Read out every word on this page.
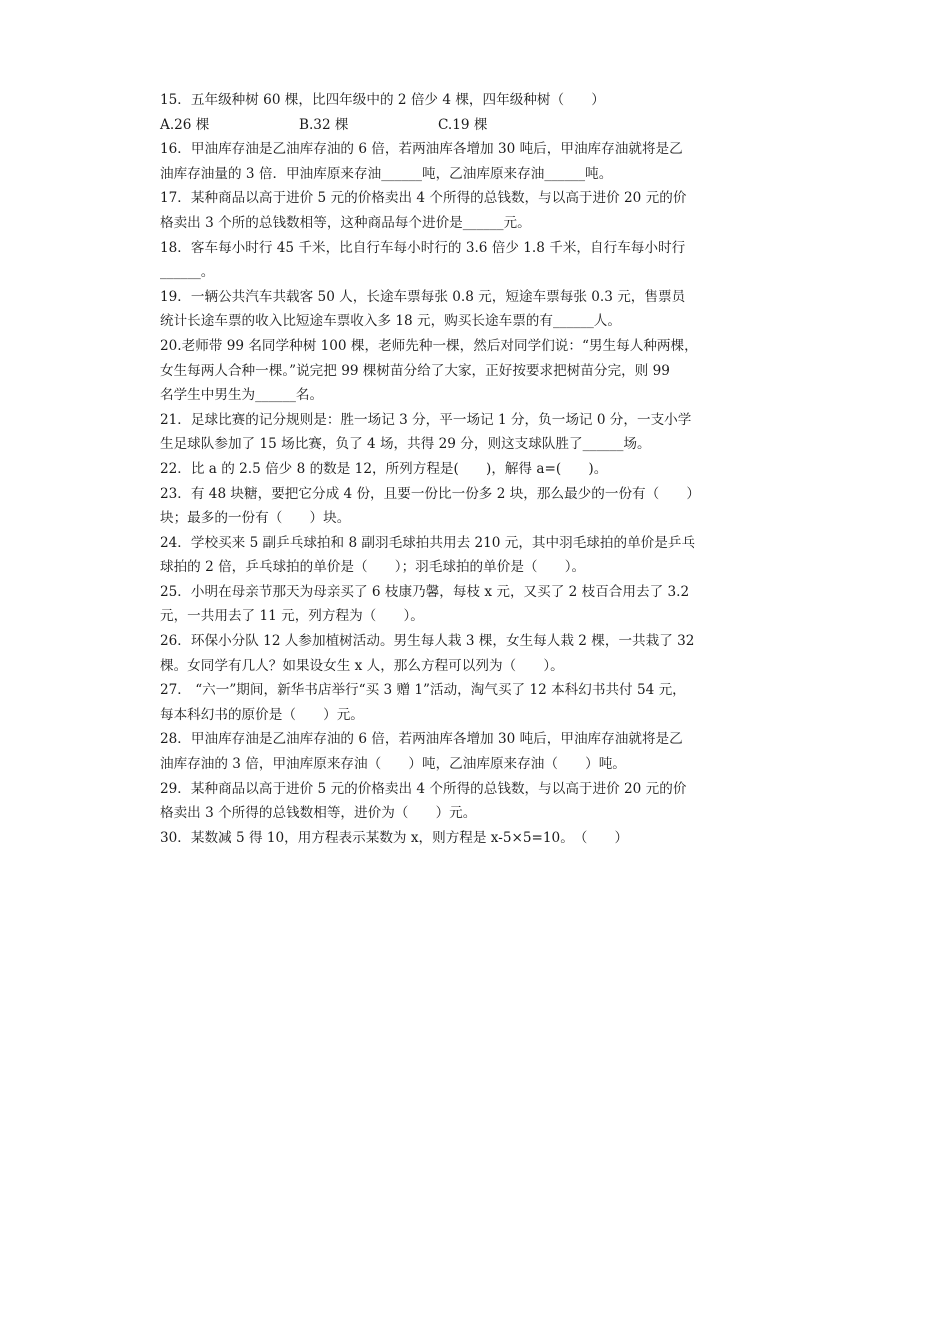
15．五年级种树 60 棵，比四年级中的 2 倍少 4 棵，四年级种树（　　）
A.26 棵	B.32 棵	C.19 棵
16．甲油库存油是乙油库存油的 6 倍，若两油库各增加 30 吨后，甲油库存油就将是乙
油库存油量的 3 倍．甲油库原来存油______吨，乙油库原来存油______吨。
17．某种商品以高于进价 5 元的价格卖出 4 个所得的总钱数，与以高于进价 20 元的价
格卖出 3 个所的总钱数相等，这种商品每个进价是______元。
18．客车每小时行 45 千米，比自行车每小时行的 3.6 倍少 1.8 千米，自行车每小时行
______。
19．一辆公共汽车共载客 50 人，长途车票每张 0.8 元，短途车票每张 0.3 元，售票员
统计长途车票的收入比短途车票收入多 18 元，购买长途车票的有______人。
20.老师带 99 名同学种树 100 棵，老师先种一棵，然后对同学们说：“男生每人种两棵，
女生每两人合种一棵。”说完把 99 棵树苗分给了大家，正好按要求把树苗分完，则 99
名学生中男生为______名。
21．足球比赛的记分规则是：胜一场记 3 分，平一场记 1 分，负一场记 0 分，一支小学
生足球队参加了 15 场比赛，负了 4 场，共得 29 分，则这支球队胜了______场。
22．比 a 的 2.5 倍少 8 的数是 12，所列方程是(　　)，解得 a=(　　)。
23．有 48 块糖，要把它分成 4 份，且要一份比一份多 2 块，那么最少的一份有（　　）
块；最多的一份有（　　）块。
24．学校买来 5 副乒乓球拍和 8 副羽毛球拍共用去 210 元，其中羽毛球拍的单价是乒乓
球拍的 2 倍，乒乓球拍的单价是（　　）；羽毛球拍的单价是（　　）。
25．小明在母亲节那天为母亲买了 6 枝康乃馨，每枝 x 元，又买了 2 枝百合用去了 3.2
元，一共用去了 11 元，列方程为（　　）。
26．环保小分队 12 人参加植树活动。男生每人栽 3 棵，女生每人栽 2 棵，一共栽了 32
棵。女同学有几人？如果设女生 x 人，那么方程可以列为（　　）。
27． “六一”期间，新华书店举行“买 3 赠 1”活动，淘气买了 12 本科幻书共付 54 元，
每本科幻书的原价是（　　）元。
28．甲油库存油是乙油库存油的 6 倍，若两油库各增加 30 吨后，甲油库存油就将是乙
油库存油的 3 倍，甲油库原来存油（　　）吨，乙油库原来存油（　　）吨。
29．某种商品以高于进价 5 元的价格卖出 4 个所得的总钱数，与以高于进价 20 元的价
格卖出 3 个所得的总钱数相等，进价为（　　）元。
30．某数减 5 得 10，用方程表示某数为 x，则方程是 x-5×5=10。　（　　）
